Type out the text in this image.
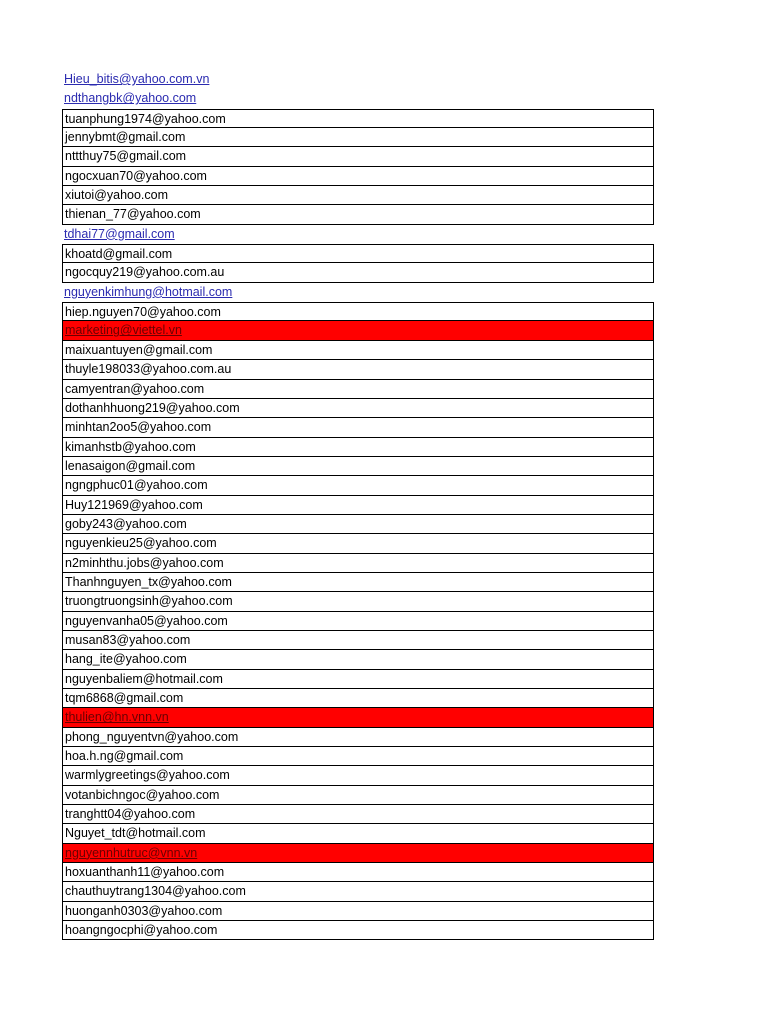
Hieu_bitis@yahoo.com.vn
ndthangbk@yahoo.com
tuanphung1974@yahoo.com
jennybmt@gmail.com
nttthuy75@gmail.com
ngocxuan70@yahoo.com
xiutoi@yahoo.com
thienan_77@yahoo.com
tdhai77@gmail.com
khoatd@gmail.com
ngocquy219@yahoo.com.au
nguyenkimhung@hotmail.com
hiep.nguyen70@yahoo.com
marketing@viettel.vn
maixuantuyen@gmail.com
thuyle198033@yahoo.com.au
camyentran@yahoo.com
dothanhhuong219@yahoo.com
minhtan2oo5@yahoo.com
kimanhstb@yahoo.com
lenasaigon@gmail.com
ngngphuc01@yahoo.com
Huy121969@yahoo.com
goby243@yahoo.com
nguyenkieu25@yahoo.com
n2minhthu.jobs@yahoo.com
Thanhnguyen_tx@yahoo.com
truongtruongsinh@yahoo.com
nguyenvanha05@yahoo.com
musan83@yahoo.com
hang_ite@yahoo.com
nguyenbaliem@hotmail.com
tqm6868@gmail.com
thulien@hn.vnn.vn
phong_nguyentvn@yahoo.com
hoa.h.ng@gmail.com
warmlygreetings@yahoo.com
votanbichngoc@yahoo.com
tranghtt04@yahoo.com
Nguyet_tdt@hotmail.com
nguyennhutruc@vnn.vn
hoxuanthanh11@yahoo.com
chauthuytrang1304@yahoo.com
huonganh0303@yahoo.com
hoangngocphi@yahoo.com
